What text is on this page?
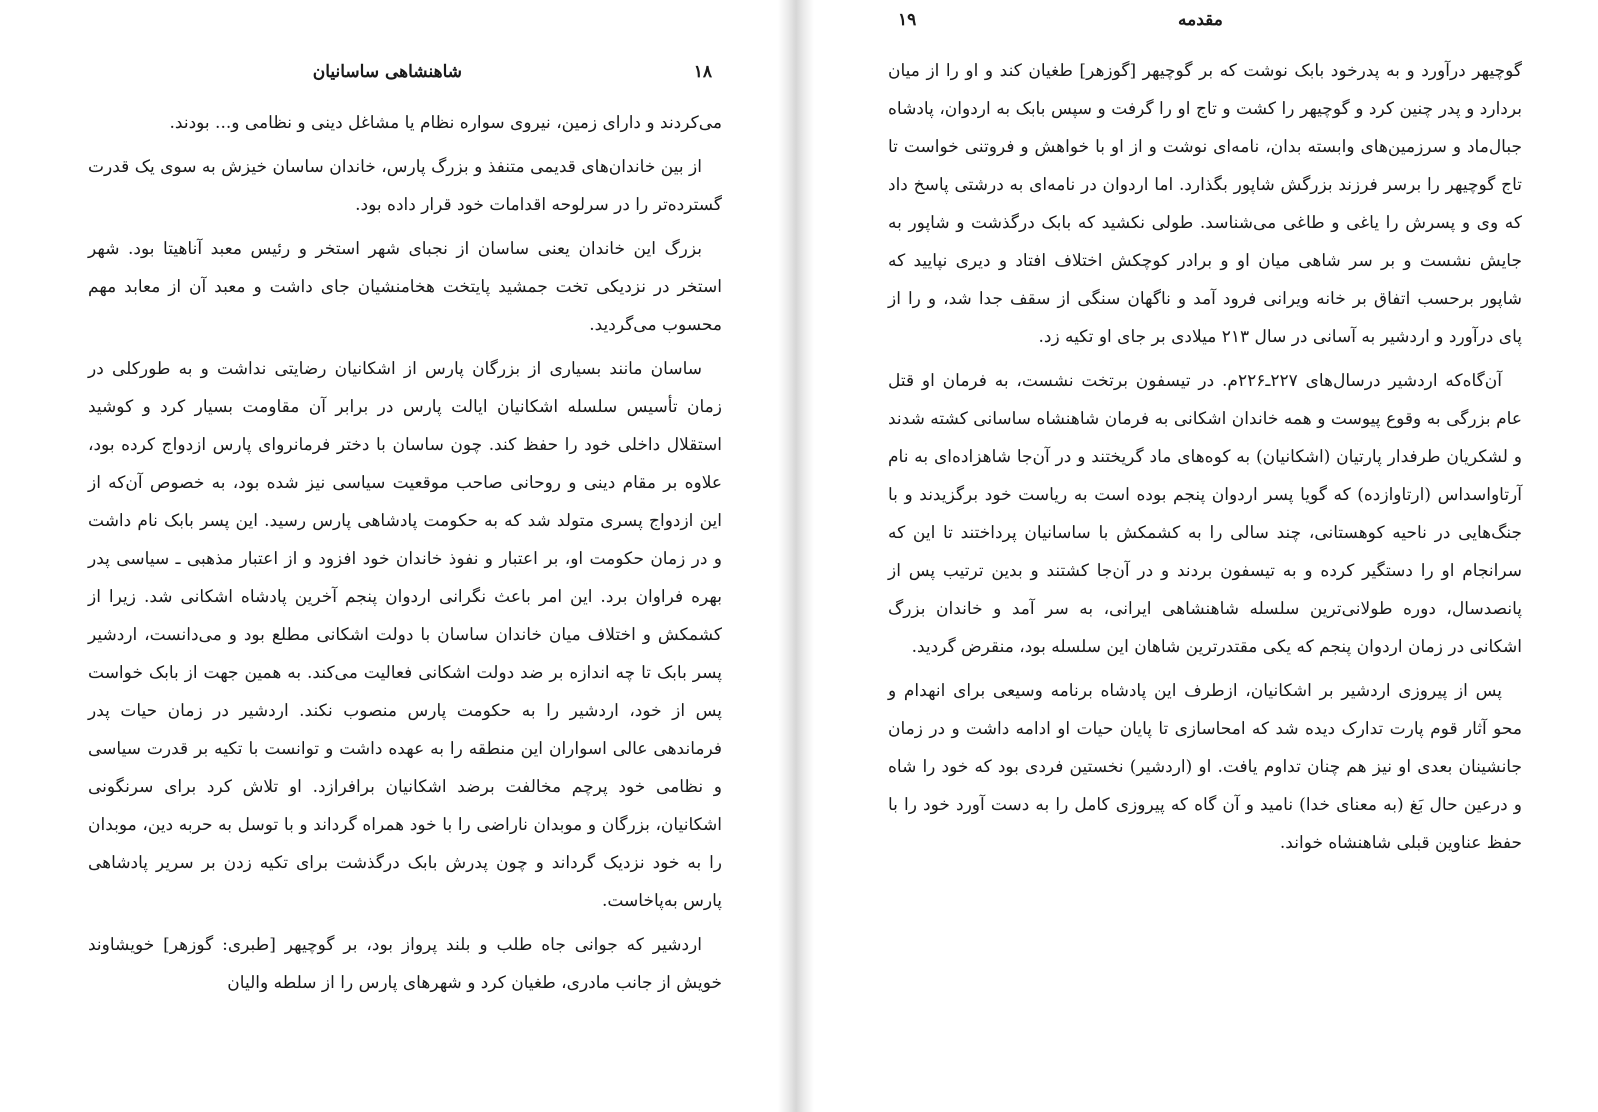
۱۸
شاهنشاهی ساسانیان

می‌کردند و دارای زمین، نیروی سواره نظام یا مشاغل دینی و نظامی و... بودند.

از بین خاندان‌های قدیمی متنفذ و بزرگ پارس، خاندان ساسان خیزش به سوی یک قدرت گسترده‌تر را در سرلوحه اقدامات خود قرار داده بود.

بزرگ این خاندان یعنی ساسان از نجبای شهر استخر و رئیس معبد آناهیتا بود. شهر استخر در نزدیکی تخت جمشید پایتخت هخامنشیان جای داشت و معبد آن از معابد مهم محسوب می‌گردید.

ساسان مانند بسیاری از بزرگان پارس از اشکانیان رضایتی نداشت و به طورکلی در زمان تأسیس سلسله اشکانیان ایالت پارس در برابر آن مقاومت بسیار کرد و کوشید استقلال داخلی خود را حفظ کند. چون ساسان با دختر فرمانروای پارس ازدواج کرده بود، علاوه بر مقام دینی و روحانی صاحب موقعیت سیاسی نیز شده بود، به خصوص آن‌که از این ازدواج پسری متولد شد که به حکومت پادشاهی پارس رسید. این پسر بابک نام داشت و در زمان حکومت او، بر اعتبار و نفوذ خاندان خود افزود و از اعتبار مذهبی ـ سیاسی پدر بهره فراوان برد. این امر باعث نگرانی اردوان پنجم آخرین پادشاه اشکانی شد. زیرا از کشمکش و اختلاف میان خاندان ساسان با دولت اشکانی مطلع بود و می‌دانست، اردشیر پسر بابک تا چه اندازه بر ضد دولت اشکانی فعالیت می‌کند. به همین جهت از بابک خواست پس از خود، اردشیر را به حکومت پارس منصوب نکند. اردشیر در زمان حیات پدر فرماندهی عالی اسواران این منطقه را به عهده داشت و توانست با تکیه بر قدرت سیاسی و نظامی خود پرچم مخالفت برضد اشکانیان برافرازد. او تلاش کرد برای سرنگونی اشکانیان، بزرگان و موبدان ناراضی را با خود همراه گرداند و با توسل به حربه دین، موبدان را به خود نزدیک گرداند و چون پدرش بابک درگذشت برای تکیه زدن بر سریر پادشاهی پارس به‌پاخاست.

اردشیر که جوانی جاه طلب و بلند پرواز بود، بر گوچیهر [طبری: گوزهر] خویشاوند خویش از جانب مادری، طغیان کرد و شهرهای پارس را از سلطه والیان

۱۹	مقدمه

گوچیهر درآورد و به پدرخود بابک نوشت که بر گوچیهر [گوزهر] طغیان کند و او را از میان بردارد و پدر چنین کرد و گوچیهر را کشت و تاج او را گرفت و سپس بابک به اردوان، پادشاه جبال‌ماد و سرزمین‌های وابسته بدان، نامه‌ای نوشت و از او با خواهش و فروتنی خواست تا تاج گوچیهر را برسر فرزند بزرگش شاپور بگذارد. اما اردوان در نامه‌ای به درشتی پاسخ داد که وی و پسرش را یاغی و طاغی می‌شناسد. طولی نکشید که بابک درگذشت و شاپور به جایش نشست و بر سر شاهی میان او و برادر کوچکش اختلاف افتاد و دیری نپایید که شاپور برحسب اتفاق بر خانه ویرانی فرود آمد و ناگهان سنگی از سقف جدا شد، و را از پای درآورد و اردشیر به آسانی در سال ۲۱۳ میلادی بر جای او تکیه زد.

آن‌گاه‌که اردشیر درسال‌های ۲۲۷ـ۲۲۶م. در تیسفون برتخت نشست، به فرمان او قتل عام بزرگی به وقوع پیوست و همه خاندان اشکانی به فرمان شاهنشاه ساسانی کشته شدند و لشکریان طرفدار پارتیان (اشکانیان) به کوه‌های ماد گریختند و در آن‌جا شاهزاده‌ای به نام آرتاواسداس (ارتاوازده) که گویا پسر اردوان پنجم بوده است به ریاست خود برگزیدند و با جنگ‌هایی در ناحیه کوهستانی، چند سالی را به کشمکش با ساسانیان پرداختند تا این که سرانجام او را دستگیر کرده و به تیسفون بردند و در آن‌جا کشتند و بدین ترتیب پس از پانصدسال، دوره طولانی‌ترین سلسله شاهنشاهی ایرانی، به سر آمد و خاندان بزرگ اشکانی در زمان اردوان پنجم که یکی مقتدرترین شاهان این سلسله بود، منقرض گردید.

پس از پیروزی اردشیر بر اشکانیان، ازطرف این پادشاه برنامه وسیعی برای انهدام و محو آثار قوم پارت تدارک دیده شد که امحاسازی تا پایان حیات او ادامه داشت و در زمان جانشینان بعدی او نیز هم چنان تداوم یافت. او (اردشیر) نخستین فردی بود که خود را شاه و درعین حال بَغ (به معنای خدا) نامید و آن گاه که پیروزی کامل را به دست آورد خود را با حفظ عناوین قبلی شاهنشاه خواند.
